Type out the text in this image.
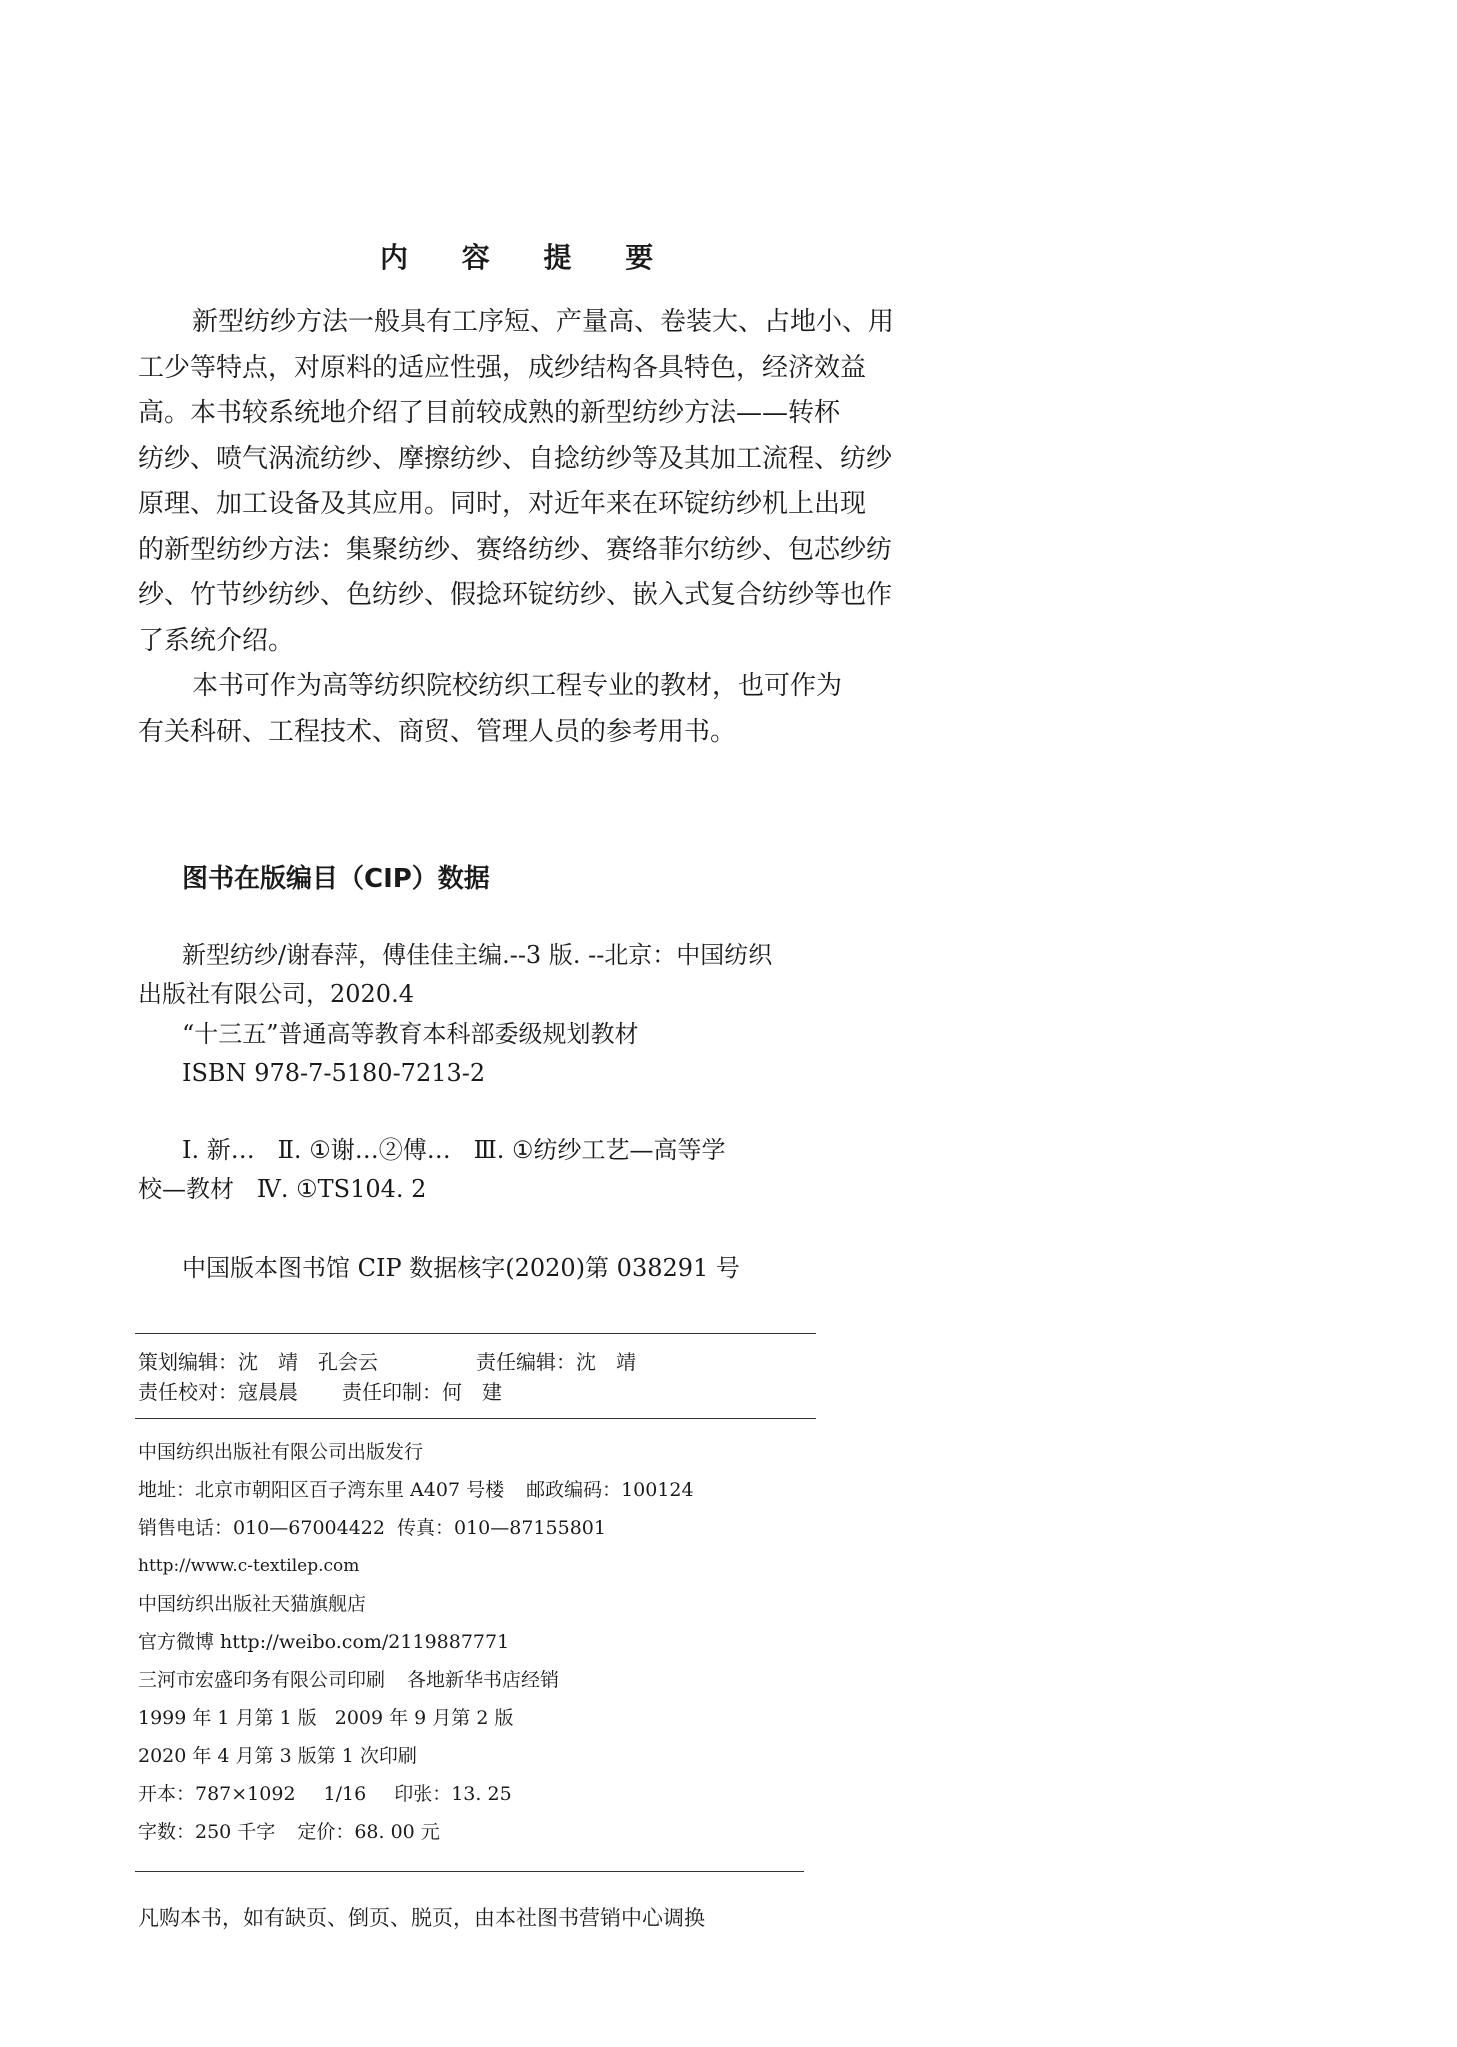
内 容 提 要
新型纺纱方法一般具有工序短、产量高、卷装大、占地小、用
工少等特点，对原料的适应性强，成纱结构各具特色，经济效益
高。本书较系统地介绍了目前较成熟的新型纺纱方法——转杯
纺纱、喷气涡流纺纱、摩擦纺纱、自捻纺纱等及其加工流程、纺纱
原理、加工设备及其应用。同时，对近年来在环锭纺纱机上出现
的新型纺纱方法：集聚纺纱、赛络纺纱、赛络菲尔纺纱、包芯纱纺
纱、竹节纱纺纱、色纺纱、假捻环锭纺纱、嵌入式复合纺纱等也作
了系统介绍。
本书可作为高等纺织院校纺织工程专业的教材，也可作为
有关科研、工程技术、商贸、管理人员的参考用书。
图书在版编目（CIP）数据
新型纺纱/谢春萍，傅佳佳主编.--3 版. --北京：中国纺织
出版社有限公司，2020.4
“十三五”普通高等教育本科部委级规划教材
ISBN 978-7-5180-7213-2
Ⅰ. 新…   Ⅱ. ①谢…②傅…   Ⅲ. ①纺纱工艺—高等学
校—教材   Ⅳ. ①TS104. 2
中国版本图书馆 CIP 数据核字(2020)第 038291 号
策划编辑：沈　靖　孔会云	责任编辑：沈　靖
责任校对：寇晨晨 责任印制：何　建
中国纺织出版社有限公司出版发行
地址：北京市朝阳区百子湾东里 A407 号楼 邮政编码：100124
销售电话：010—67004422 传真：010—87155801
http://www.c-textilep.com
中国纺织出版社天猫旗舰店
官方微博 http://weibo.com/2119887771
三河市宏盛印务有限公司印刷 各地新华书店经销
1999 年 1 月第 1 版 2009 年 9 月第 2 版
2020 年 4 月第 3 版第 1 次印刷
开本：787×1092 1/16 印张：13. 25
字数：250 千字 定价：68. 00 元
凡购本书，如有缺页、倒页、脱页，由本社图书营销中心调换
